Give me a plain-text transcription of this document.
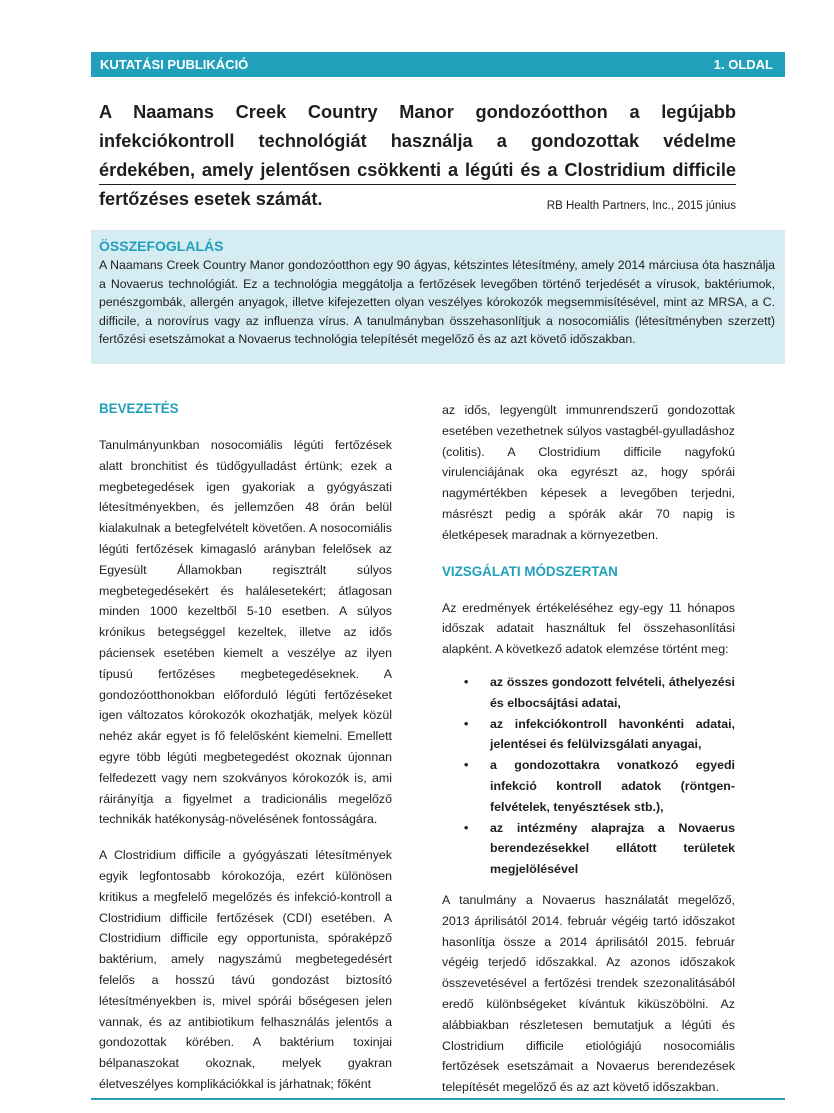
KUTATÁSI PUBLIKÁCIÓ	1. OLDAL
A Naamans Creek Country Manor gondozóotthon a legújabb infekciókontroll technológiát használja a gondozottak védelme érdekében, amely jelentősen csökkenti a légúti és a Clostridium difficile fertőzéses esetek számát.	RB Health Partners, Inc., 2015 június
ÖSSZEFOGLALÁS

A Naamans Creek Country Manor gondozóotthon egy 90 ágyas, kétszintes létesítmény, amely 2014 márciusa óta használja a Novaerus technológiát. Ez a technológia meggátolja a fertőzések levegőben történő terjedését a vírusok, baktériumok, penészgombák, allergén anyagok, illetve kifejezetten olyan veszélyes kórokozók megsemmisítésével, mint az MRSA, a C. difficile, a norovírus vagy az influenza vírus. A tanulmányban összehasonlítjuk a nosocomiális (létesítményben szerzett) fertőzési esetszámokat a Novaerus technológia telepítését megelőző és az azt követő időszakban.

BEVEZETÉS

Tanulmányunkban nosocomiális légúti fertőzések alatt bronchitist és tüdőgyulladást értünk; ezek a megbetegedések igen gyakoriak a gyógyászati létesítményekben, és jellemzően 48 órán belül kialakulnak a betegfelvételt követően. A nosocomiális légúti fertőzések kimagasló arányban felelősek az Egyesült Államokban regisztrált súlyos megbetegedésekért és halálesetekért; átlagosan minden 1000 kezeltből 5-10 esetben. A súlyos krónikus betegséggel kezeltek, illetve az idős páciensek esetében kiemelt a veszélye az ilyen típusú fertőzéses megbetegedéseknek. A gondozóotthonokban előforduló légúti fertőzéseket igen változatos kórokozók okozhatják, melyek közül nehéz akár egyet is fő felelősként kiemelni. Emellett egyre több légúti megbetegedést okoznak újonnan felfedezett vagy nem szokványos kórokozók is, ami ráirányítja a figyelmet a tradicionális megelőző technikák hatékonyság-növelésének fontosságára.

A Clostridium difficile a gyógyászati létesítmények egyik legfontosabb kórokozója, ezért különösen kritikus a megfelelő megelőzés és infekció-kontroll a Clostridium difficile fertőzések (CDI) esetében. A Clostridium difficile egy opportunista, spóraképző baktérium, amely nagyszámú megbetegedésért felelős a hosszú távú gondozást biztosító létesítményekben is, mivel spórái bőségesen jelen vannak, és az antibiotikum felhasználás jelentős a gondozottak körében. A baktérium toxinjai bélpanaszokat okoznak, melyek gyakran életveszélyes komplikációkkal is járhatnak; főként

az idős, legyengült immunrendszerű gondozottak esetében vezethetnek súlyos vastagbél-gyulladáshoz (colitis). A Clostridium difficile nagyfokú virulenciájának oka egyrészt az, hogy spórái nagymértékben képesek a levegőben terjedni, másrészt pedig a spórák akár 70 napig is életképesek maradnak a környezetben.

VIZSGÁLATI MÓDSZERTAN

Az eredmények értékeléséhez egy-egy 11 hónapos időszak adatait használtuk fel összehasonlítási alapként. A következő adatok elemzése történt meg:

• az összes gondozott felvételi, áthelyezési és elbocsájtási adatai,
• az infekciókontroll havonkénti adatai, jelentései és felülvizsgálati anyagai,
• a gondozottakra vonatkozó egyedi infekció kontroll adatok (röntgen-felvételek, tenyésztések stb.),
• az intézmény alaprajza a Novaerus berendezésekkel ellátott területek megjelölésével

A tanulmány a Novaerus használatát megelőző, 2013 áprilisától 2014. február végéig tartó időszakot hasonlítja össze a 2014 áprilisától 2015. február végéig terjedő időszakkal. Az azonos időszakok összevetésével a fertőzési trendek szezonalitásából eredő különbségeket kívántuk kiküszöbölni. Az alábbiakban részletesen bemutatjuk a légúti és Clostridium difficile etiológiájú nosocomiális fertőzések esetszámait a Novaerus berendezések telepítését megelőző és az azt követő időszakban.
